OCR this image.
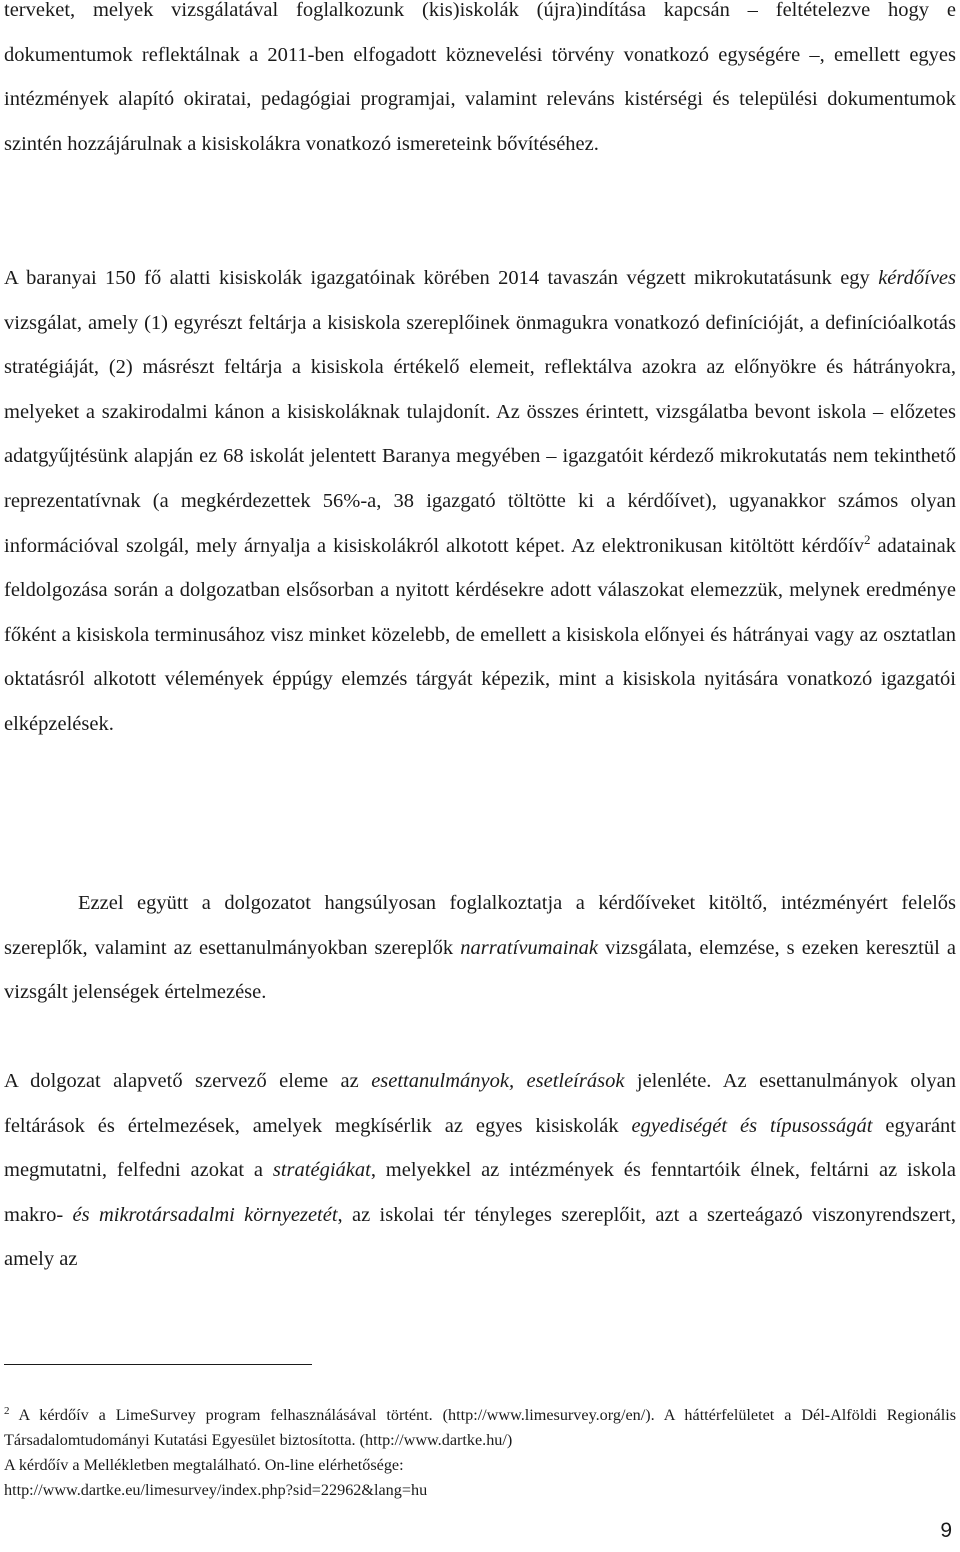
terveket, melyek vizsgálatával foglalkozunk (kis)iskolák (újra)indítása kapcsán – feltételezve hogy e dokumentumok reflektálnak a 2011-ben elfogadott köznevelési törvény vonatkozó egységére –, emellett egyes intézmények alapító okiratai, pedagógiai programjai, valamint releváns kistérségi és települési dokumentumok szintén hozzájárulnak a kisiskolákra vonatkozó ismereteink bővítéséhez.

A baranyai 150 fő alatti kisiskolák igazgatóinak körében 2014 tavaszán végzett mikrokutatásunk egy kérdőíves vizsgálat, amely (1) egyrészt feltárja a kisiskola szereplőinek önmagukra vonatkozó definícióját, a definícióalkotás stratégiáját, (2) másrészt feltárja a kisiskola értékelő elemeit, reflektálva azokra az előnyökre és hátrányokra, melyeket a szakirodalmi kánon a kisiskoláknak tulajdonít. Az összes érintett, vizsgálatba bevont iskola – előzetes adatgyűjtésünk alapján ez 68 iskolát jelentett Baranya megyében – igazgatóit kérdező mikrokutatás nem tekinthető reprezentatívnak (a megkérdezettek 56%-a, 38 igazgató töltötte ki a kérdőívet), ugyanakkor számos olyan információval szolgál, mely árnyalja a kisiskolákról alkotott képet. Az elektronikusan kitöltött kérdőív$^2$ adatainak feldolgozása során a dolgozatban elsősorban a nyitott kérdésekre adott válaszokat elemezzük, melynek eredménye főként a kisiskola terminusához visz minket közelebb, de emellett a kisiskola előnyei és hátrányai vagy az osztatlan oktatásról alkotott vélemények éppúgy elemzés tárgyát képezik, mint a kisiskola nyitására vonatkozó igazgatói elképzelések.

Ezzel együtt a dolgozatot hangsúlyosan foglalkoztatja a kérdőíveket kitöltő, intézményért felelős szereplők, valamint az esettanulmányokban szereplők narratívumainak vizsgálata, elemzése, s ezeken keresztül a vizsgált jelenségek értelmezése.

A dolgozat alapvető szervező eleme az esettanulmányok, esetleírások jelenléte. Az esettanulmányok olyan feltárások és értelmezések, amelyek megkísérlik az egyes kisiskolák egyediségét és típusosságát egyaránt megmutatni, felfedni azokat a stratégiákat, melyekkel az intézmények és fenntartóik élnek, feltárni az iskola makro- és mikrotársadalmi környezetét, az iskolai tér tényleges szereplőit, azt a szerteágazó viszonyrendszert, amely az

$^2$ A kérdőív a LimeSurvey program felhasználásával történt. (http://www.limesurvey.org/en/). A háttérfelületet a Dél-Alföldi Regionális Társadalomtudományi Kutatási Egyesület biztosította. (http://www.dartke.hu/)
A kérdőív a Mellékletben megtalálható. On-line elérhetősége:
http://www.dartke.eu/limesurvey/index.php?sid=22962&lang=hu
9
